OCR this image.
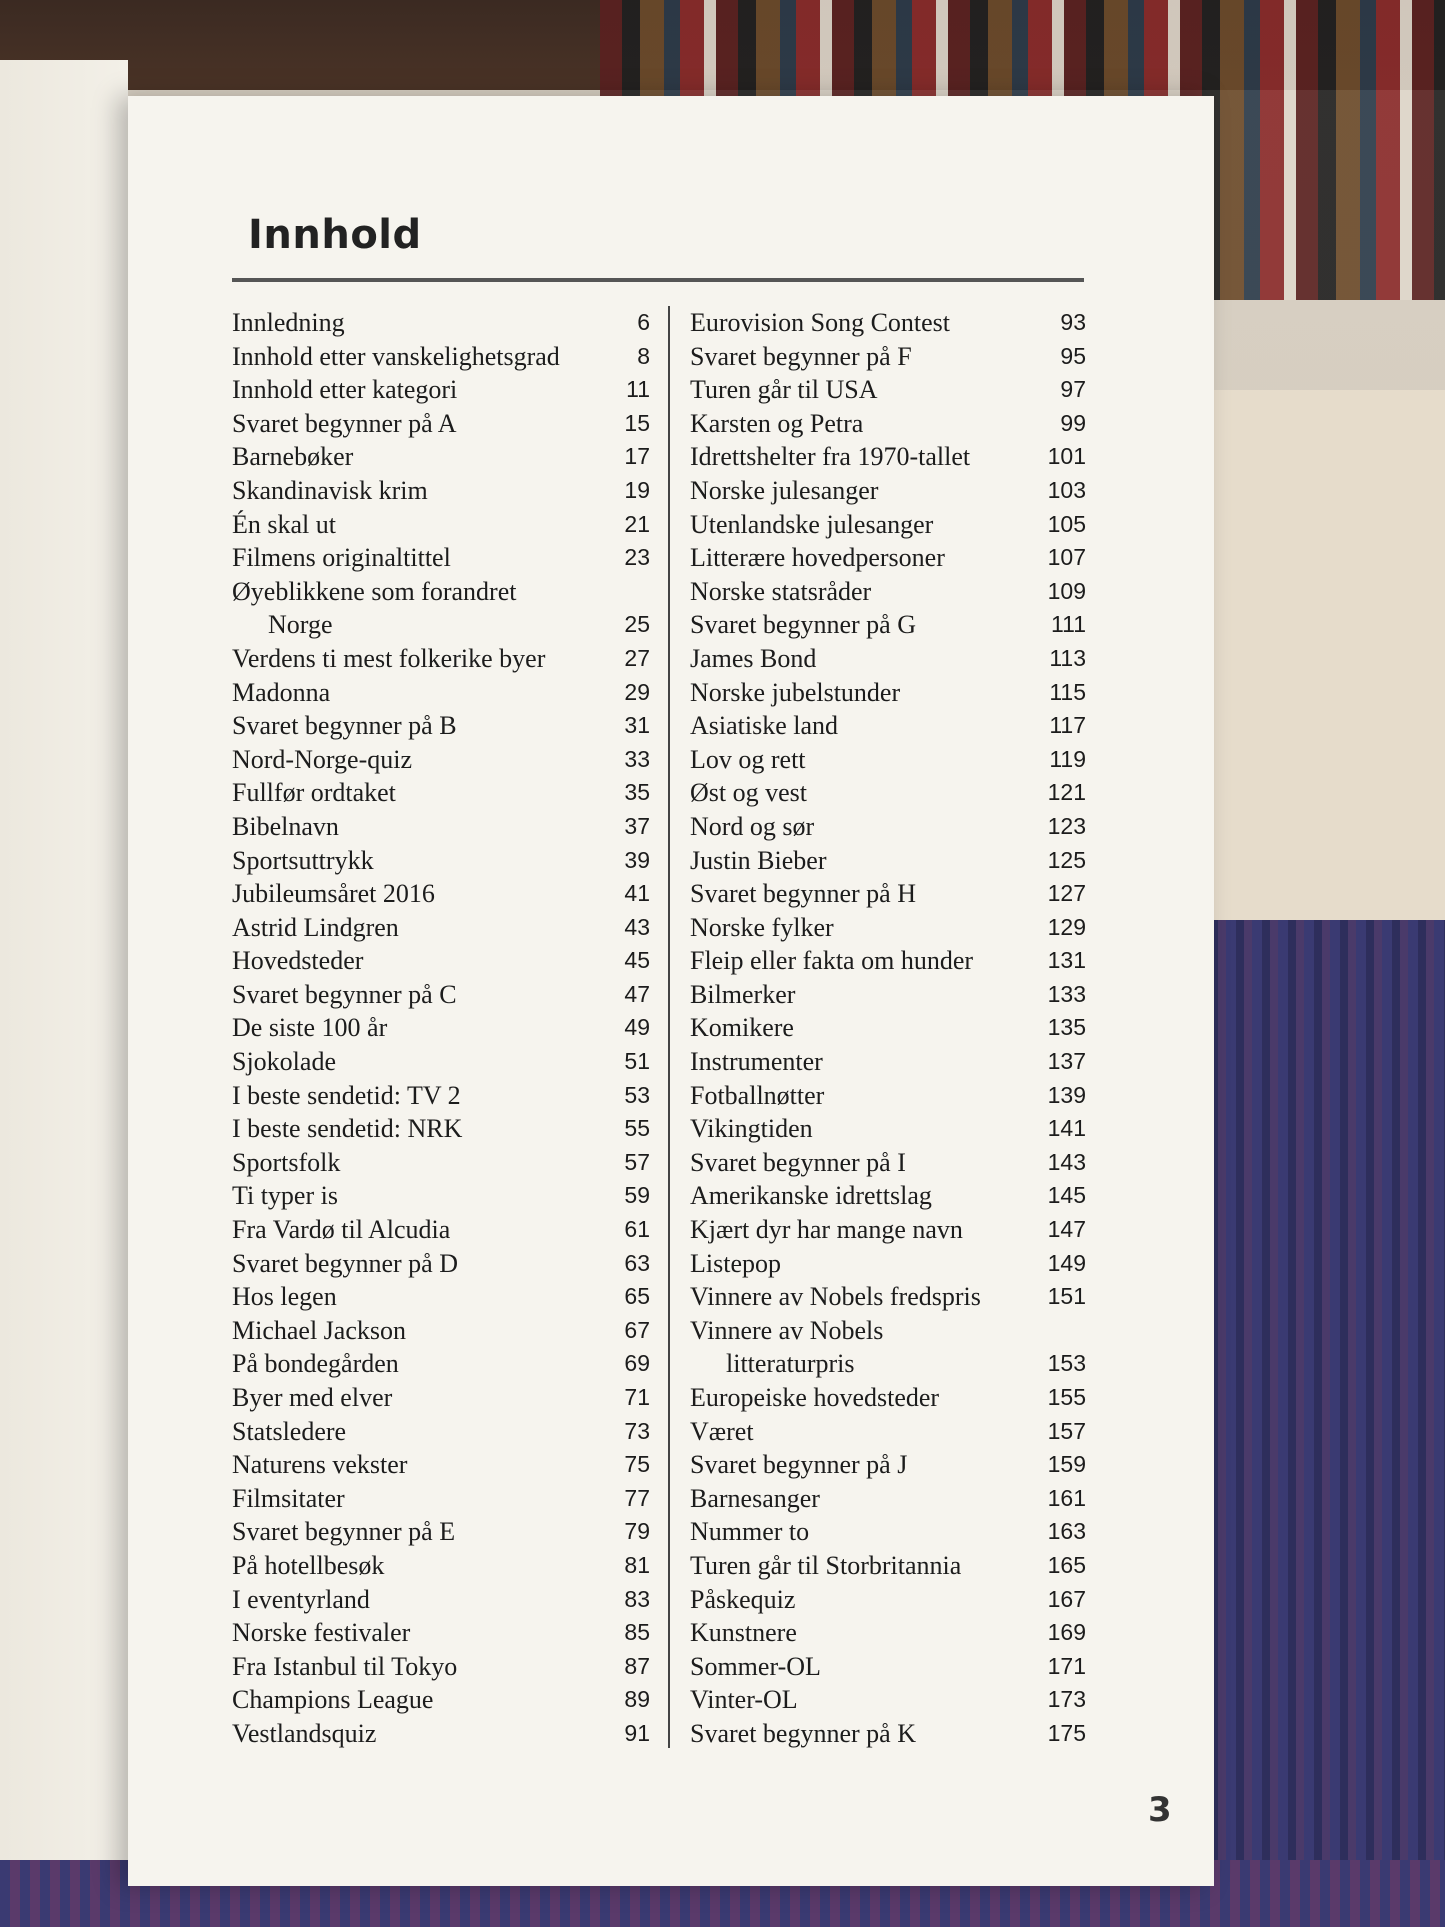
Innhold
Innledning	6
Innhold etter vanskelighetsgrad	8
Innhold etter kategori	11
Svaret begynner på A	15
Barnebøker	17
Skandinavisk krim	19
Én skal ut	21
Filmens originaltittel	23
Øyeblikkene som forandret
Norge	25
Verdens ti mest folkerike byer	27
Madonna	29
Svaret begynner på B	31
Nord-Norge-quiz	33
Fullfør ordtaket	35
Bibelnavn	37
Sportsuttrykk	39
Jubileumsåret 2016	41
Astrid Lindgren	43
Hovedsteder	45
Svaret begynner på C	47
De siste 100 år	49
Sjokolade	51
I beste sendetid: TV 2	53
I beste sendetid: NRK	55
Sportsfolk	57
Ti typer is	59
Fra Vardø til Alcudia	61
Svaret begynner på D	63
Hos legen	65
Michael Jackson	67
På bondegården	69
Byer med elver	71
Statsledere	73
Naturens vekster	75
Filmsitater	77
Svaret begynner på E	79
På hotellbesøk	81
I eventyrland	83
Norske festivaler	85
Fra Istanbul til Tokyo	87
Champions League	89
Vestlandsquiz	91
Eurovision Song Contest	93
Svaret begynner på F	95
Turen går til USA	97
Karsten og Petra	99
Idrettshelter fra 1970-tallet	101
Norske julesanger	103
Utenlandske julesanger	105
Litterære hovedpersoner	107
Norske statsråder	109
Svaret begynner på G	111
James Bond	113
Norske jubelstunder	115
Asiatiske land	117
Lov og rett	119
Øst og vest	121
Nord og sør	123
Justin Bieber	125
Svaret begynner på H	127
Norske fylker	129
Fleip eller fakta om hunder	131
Bilmerker	133
Komikere	135
Instrumenter	137
Fotballnøtter	139
Vikingtiden	141
Svaret begynner på I	143
Amerikanske idrettslag	145
Kjært dyr har mange navn	147
Listepop	149
Vinnere av Nobels fredspris	151
Vinnere av Nobels
litteraturpris	153
Europeiske hovedsteder	155
Været	157
Svaret begynner på J	159
Barnesanger	161
Nummer to	163
Turen går til Storbritannia	165
Påskequiz	167
Kunstnere	169
Sommer-OL	171
Vinter-OL	173
Svaret begynner på K	175
3
